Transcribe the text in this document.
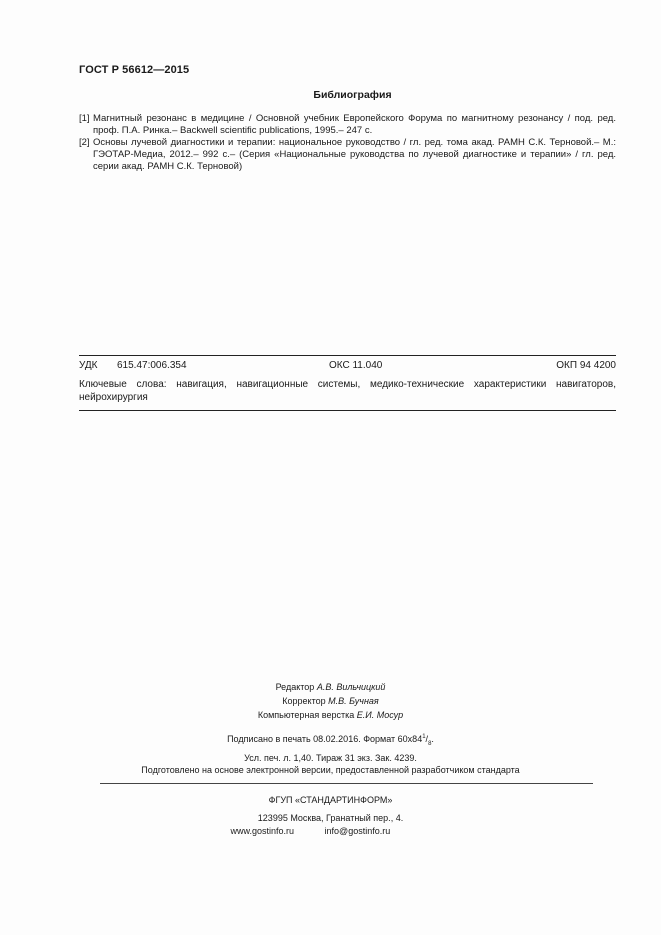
ГОСТ Р 56612—2015
Библиография
[1] Магнитный резонанс в медицине / Основной учебник Европейского Форума по магнитному резонансу / под. ред. проф. П.А. Ринка.– Backwell scientific publications, 1995.– 247 с.
[2] Основы лучевой диагностики и терапии: национальное руководство / гл. ред. тома акад. РАМН С.К. Терновой.– М.: ГЭОТАР-Медиа, 2012.– 992 с.– (Серия «Национальные руководства по лучевой диагностике и терапии» / гл. ред. серии акад. РАМН С.К. Терновой)
УДК 615.47:006.354	ОКС 11.040	ОКП 94 4200
Ключевые слова: навигация, навигационные системы, медико-технические характеристики навигаторов, нейрохирургия
Редактор А.В. Вильчицкий
Корректор М.В. Бучная
Компьютерная верстка Е.И. Мосур
Подписано в печать 08.02.2016. Формат $60x84^1/_8$.
Усл. печ. л. 1,40. Тираж 31 экз. Зак. 4239.
Подготовлено на основе электронной версии, предоставленной разработчиком стандарта
ФГУП «СТАНДАРТИНФОРМ»
123995 Москва, Гранатный пер., 4.
www.gostinfo.ru	info@gostinfo.ru
